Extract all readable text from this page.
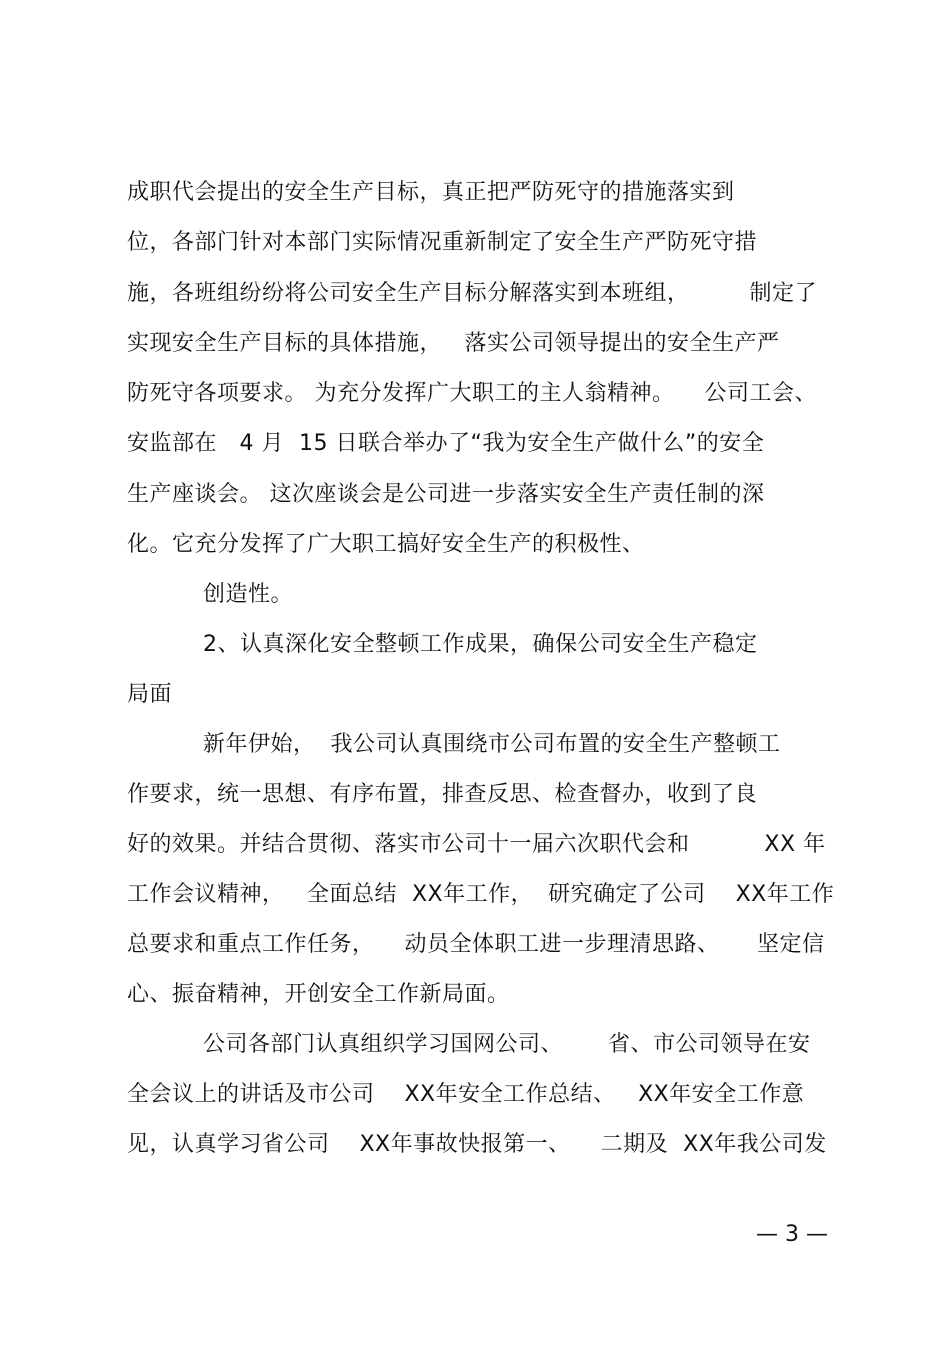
成职代会提出的安全生产目标，真正把严防死守的措施落实到
位，各部门针对本部门实际情况重新制定了安全生产严防死守措
施，各班组纷纷将公司安全生产目标分解落实到本班组，        制定了
实现安全生产目标的具体措施，   落实公司领导提出的安全生产严
防死守各项要求。 为充分发挥广大职工的主人翁精神。    公司工会、
安监部在   4 月  15 日联合举办了“我为安全生产做什么”的安全
生产座谈会。 这次座谈会是公司进一步落实安全生产责任制的深
化。它充分发挥了广大职工搞好安全生产的积极性、
创造性。
2、认真深化安全整顿工作成果，确保公司安全生产稳定
局面
新年伊始，  我公司认真围绕市公司布置的安全生产整顿工
作要求，统一思想、有序布置，排查反思、检查督办，收到了良
好的效果。并结合贯彻、落实市公司十一届六次职代会和          XX 年
工作会议精神，   全面总结  XX年工作，  研究确定了公司    XX年工作
总要求和重点工作任务，    动员全体职工进一步理清思路、     坚定信
心、振奋精神，开创安全工作新局面。
公司各部门认真组织学习国网公司、      省、市公司领导在安
全会议上的讲话及市公司    XX年安全工作总结、   XX年安全工作意
见，认真学习省公司    XX年事故快报第一、    二期及  XX年我公司发
— 3 —
